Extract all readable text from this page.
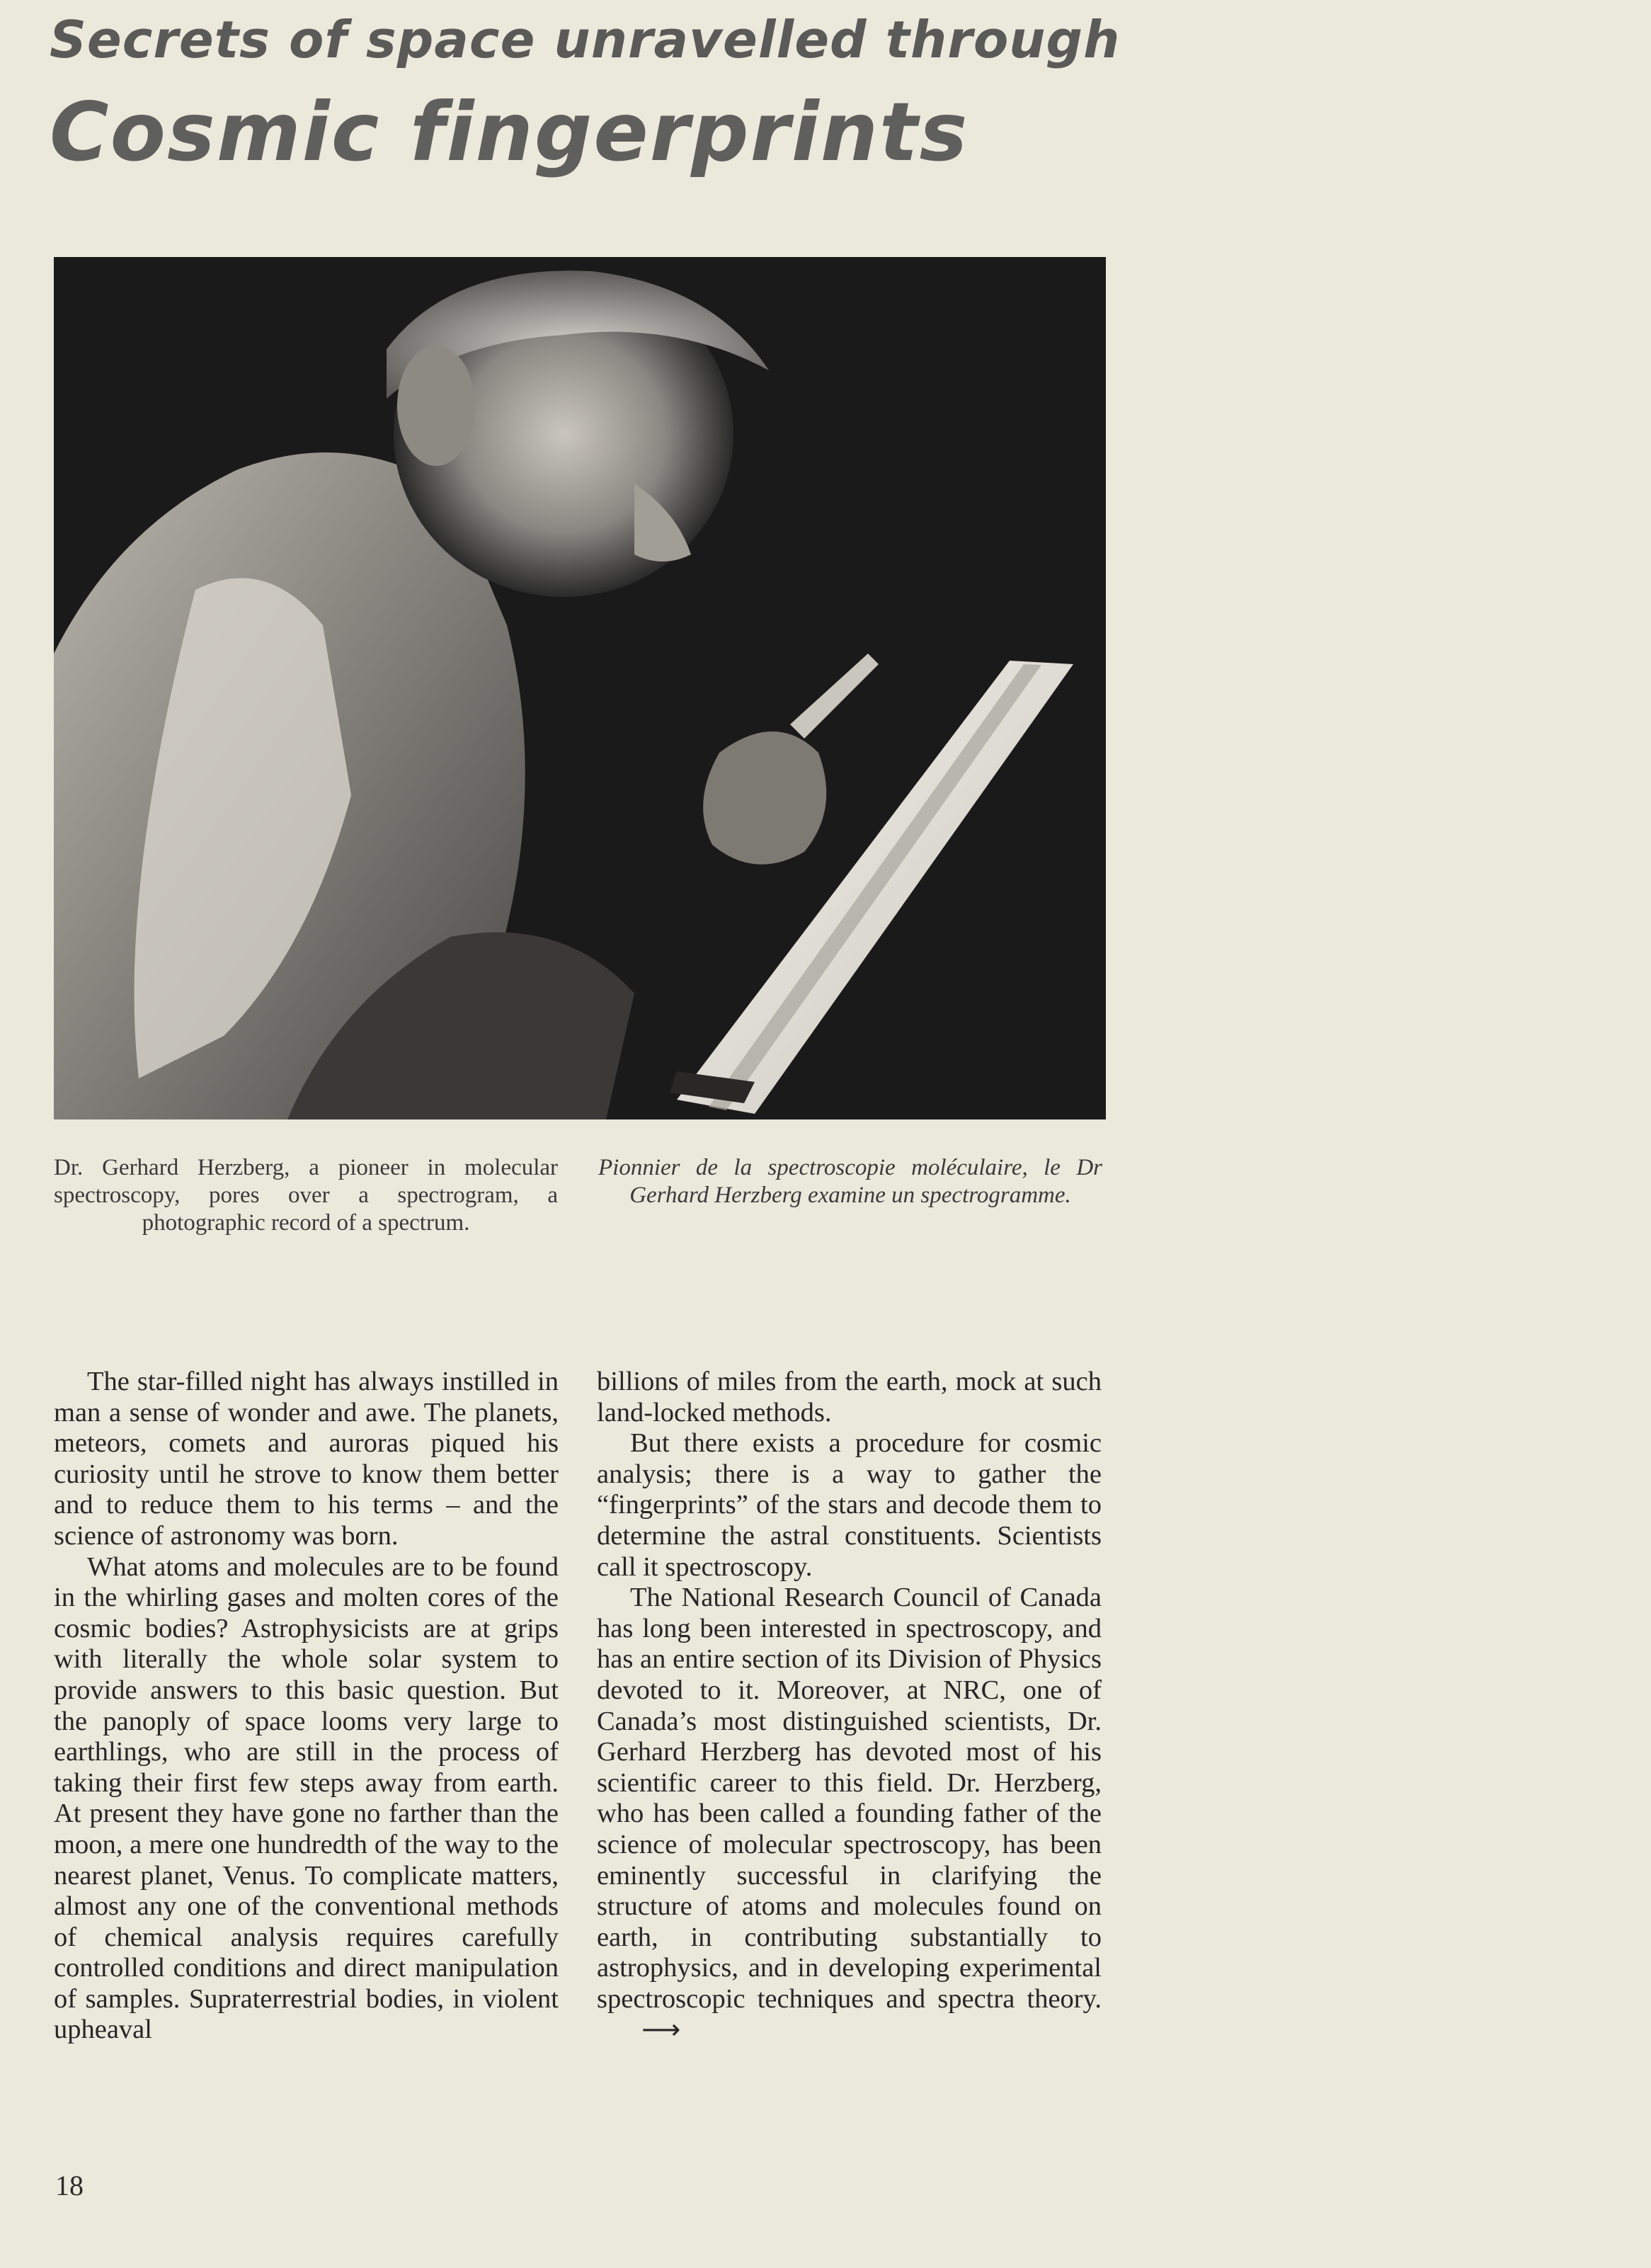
Secrets of space unravelled through
Cosmic fingerprints
Dr. Gerhard Herzberg, a pioneer in molecular spectroscopy, pores over a spectrogram, a photographic record of a spectrum.
Pionnier de la spectroscopie moléculaire, le Dr Gerhard Herzberg examine un spectrogramme.

The star-filled night has always instilled in man a sense of wonder and awe. The planets, meteors, comets and auroras piqued his curiosity until he strove to know them better and to reduce them to his terms – and the science of astronomy was born.

What atoms and molecules are to be found in the whirling gases and molten cores of the cosmic bodies? Astrophysicists are at grips with literally the whole solar system to provide answers to this basic question. But the panoply of space looms very large to earthlings, who are still in the process of taking their first few steps away from earth. At present they have gone no farther than the moon, a mere one hundredth of the way to the nearest planet, Venus. To complicate matters, almost any one of the conventional methods of chemical analysis requires carefully controlled conditions and direct manipulation of samples. Supraterrestrial bodies, in violent upheaval

billions of miles from the earth, mock at such land-locked methods.

But there exists a procedure for cosmic analysis; there is a way to gather the “fingerprints” of the stars and decode them to determine the astral constituents. Scientists call it spectroscopy.

The National Research Council of Canada has long been interested in spectroscopy, and has an entire section of its Division of Physics devoted to it. Moreover, at NRC, one of Canada’s most distinguished scientists, Dr. Gerhard Herzberg has devoted most of his scientific career to this field. Dr. Herzberg, who has been called a founding father of the science of molecular spectroscopy, has been eminently successful in clarifying the structure of atoms and molecules found on earth, in contributing substantially to astrophysics, and in developing experimental spectroscopic techniques and spectra theory.⟶

18
